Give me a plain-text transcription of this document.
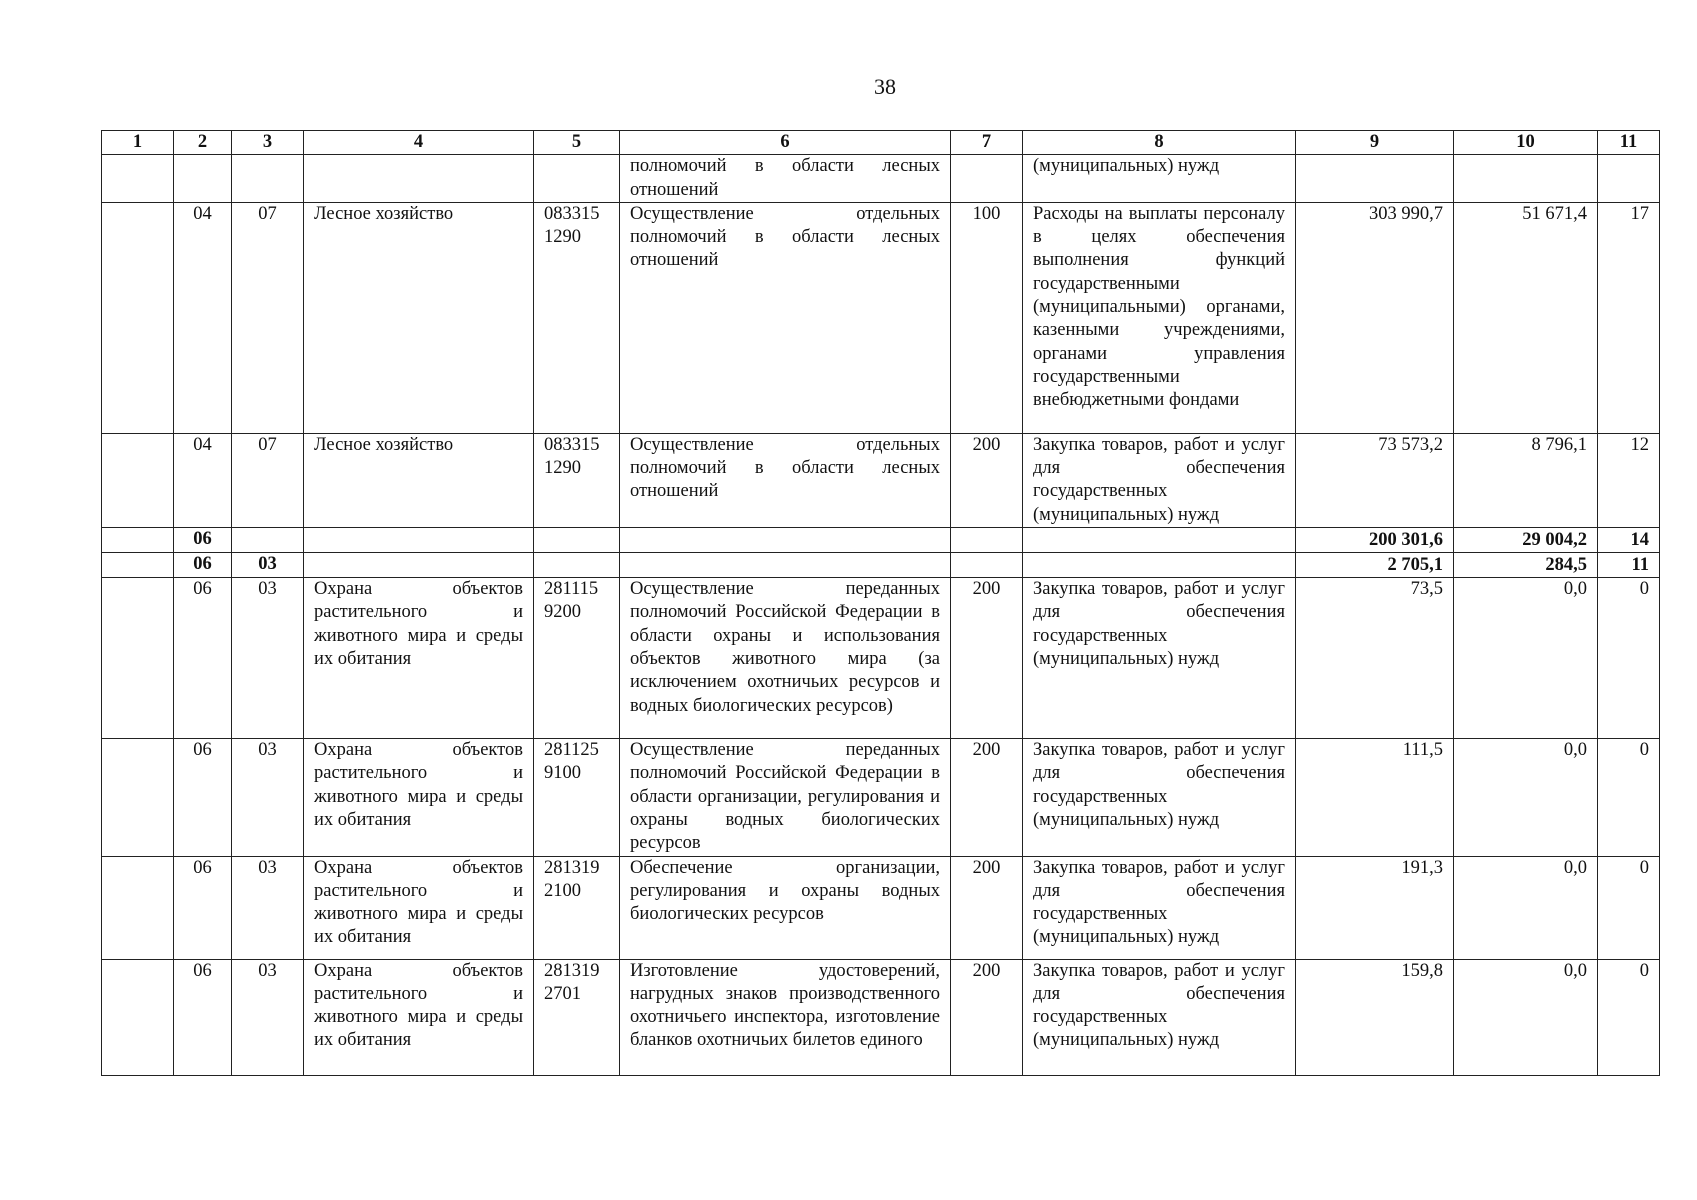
38
1	2	3	4	5	6	7	8	9	10	11
					полномочий в области лесных отношений		(муниципальных) нужд			
	04	07	Лесное хозяйство	083315 1290	Осуществление отдельных полномочий в области лесных отношений	100	Расходы на выплаты персоналу в целях обеспечения выполнения функций государственными (муниципальными) органами, казенными учреждениями, органами управления государственными внебюджетными фондами	303 990,7	51 671,4	17
	04	07	Лесное хозяйство	083315 1290	Осуществление отдельных полномочий в области лесных отношений	200	Закупка товаров, работ и услуг для обеспечения государственных (муниципальных) нужд	73 573,2	8 796,1	12
	06							200 301,6	29 004,2	14
	06	03						2 705,1	284,5	11
	06	03	Охрана объектов растительного и животного мира и среды их обитания	281115 9200	Осуществление переданных полномочий Российской Федерации в области охраны и использования объектов животного мира (за исключением охотничьих ресурсов и водных биологических ресурсов)	200	Закупка товаров, работ и услуг для обеспечения государственных (муниципальных) нужд	73,5	0,0	0
	06	03	Охрана объектов растительного и животного мира и среды их обитания	281125 9100	Осуществление переданных полномочий Российской Федерации в области организации, регулирования и охраны водных биологических ресурсов	200	Закупка товаров, работ и услуг для обеспечения государственных (муниципальных) нужд	111,5	0,0	0
	06	03	Охрана объектов растительного и животного мира и среды их обитания	281319 2100	Обеспечение организации, регулирования и охраны водных биологических ресурсов	200	Закупка товаров, работ и услуг для обеспечения государственных (муниципальных) нужд	191,3	0,0	0
	06	03	Охрана объектов растительного и животного мира и среды их обитания	281319 2701	Изготовление удостоверений, нагрудных знаков производственного охотничьего инспектора, изготовление бланков охотничьих билетов единого	200	Закупка товаров, работ и услуг для обеспечения государственных (муниципальных) нужд	159,8	0,0	0
